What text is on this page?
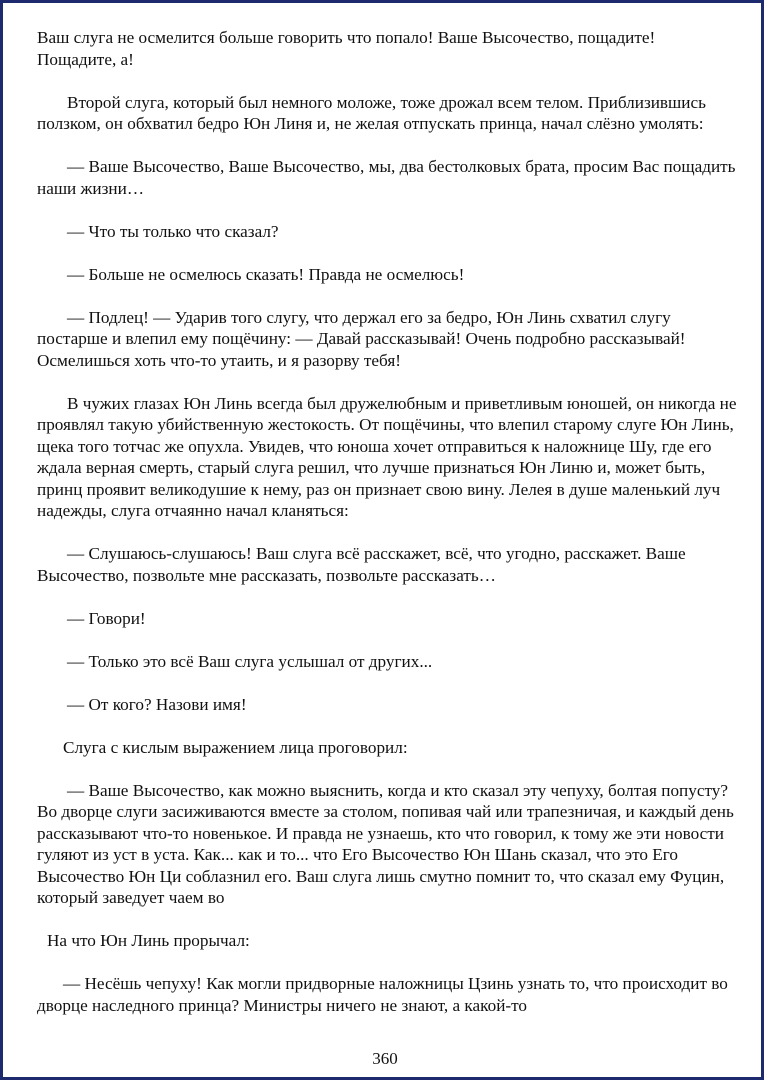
Ваш слуга не осмелится больше говорить что попало! Ваше Высочество, пощадите! Пощадите, а!

Второй слуга, который был немного моложе, тоже дрожал всем телом. Приблизившись ползком, он обхватил бедро Юн Линя и, не желая отпускать принца, начал слёзно умолять:

— Ваше Высочество, Ваше Высочество, мы, два бестолковых брата, просим Вас пощадить наши жизни…

— Что ты только что сказал?

— Больше не осмелюсь сказать! Правда не осмелюсь!

— Подлец! — Ударив того слугу, что держал его за бедро, Юн Линь схватил слугу постарше и влепил ему пощёчину: — Давай рассказывай! Очень подробно рассказывай! Осмелишься хоть что-то утаить, и я разорву тебя!

В чужих глазах Юн Линь всегда был дружелюбным и приветливым юношей, он никогда не проявлял такую убийственную жестокость. От пощёчины, что влепил старому слуге Юн Линь, щека того тотчас же опухла. Увидев, что юноша хочет отправиться к наложнице Шу, где его ждала верная смерть, старый слуга решил, что лучше признаться Юн Линю и, может быть, принц проявит великодушие к нему, раз он признает свою вину. Лелея в душе маленький луч надежды, слуга отчаянно начал кланяться:

— Слушаюсь-слушаюсь! Ваш слуга всё расскажет, всё, что угодно, расскажет. Ваше Высочество, позвольте мне рассказать, позвольте рассказать…

— Говори!

— Только это всё Ваш слуга услышал от других...

— От кого? Назови имя!

Слуга с кислым выражением лица проговорил:

— Ваше Высочество, как можно выяснить, когда и кто сказал эту чепуху, болтая попусту? Во дворце слуги засиживаются вместе за столом, попивая чай или трапезничая, и каждый день рассказывают что-то новенькое. И правда не узнаешь, кто что говорил, к тому же эти новости гуляют из уст в уста. Как... как и то... что Его Высочество Юн Шань сказал, что это Его Высочество Юн Ци соблазнил его. Ваш слуга лишь смутно помнит то, что сказал ему Фуцин, который заведует чаем во

На что Юн Линь прорычал:

— Несёшь чепуху! Как могли придворные наложницы Цзинь узнать то, что происходит во дворце наследного принца? Министры ничего не знают, а какой-то

360
